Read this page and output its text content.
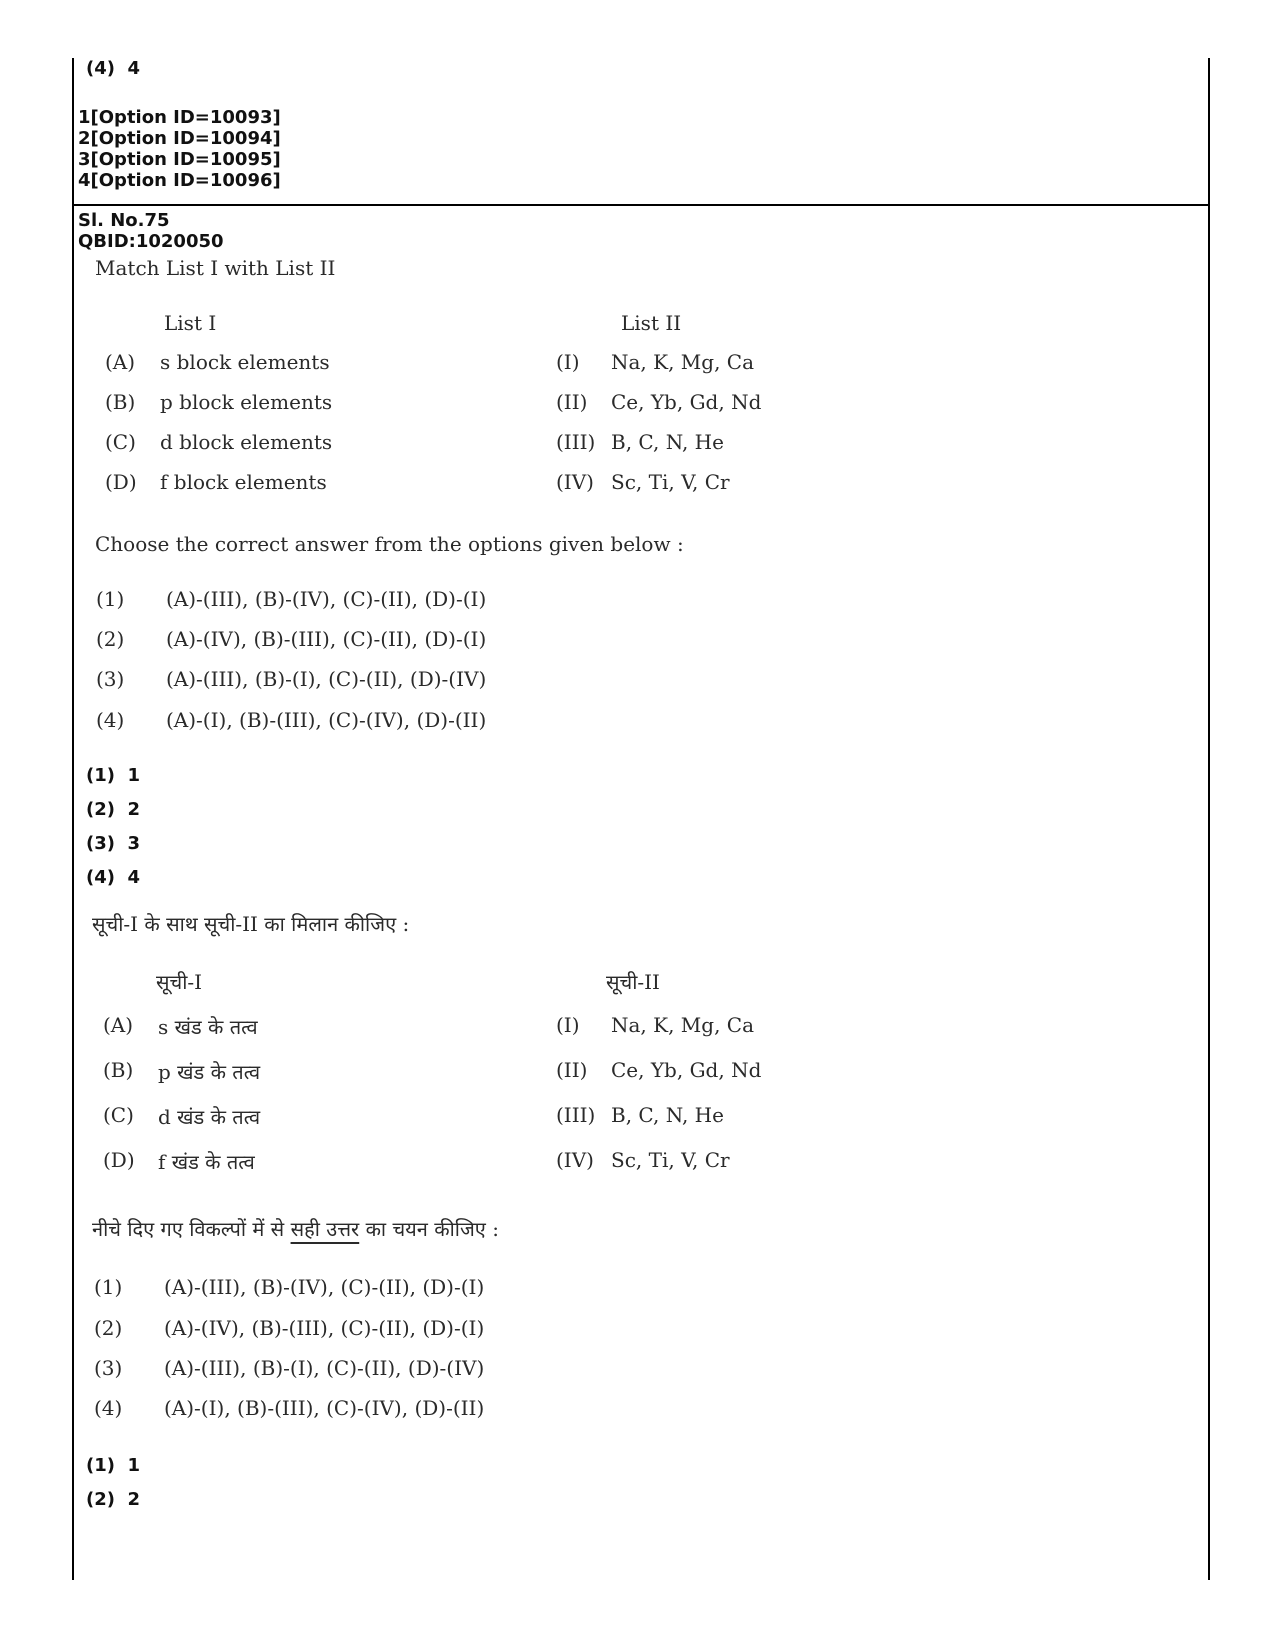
(4) 4
1[Option ID=10093]
2[Option ID=10094]
3[Option ID=10095]
4[Option ID=10096]
Sl. No.75
QBID:1020050
Match List I with List II
List I	List II
(A) s block elements	(I) Na, K, Mg, Ca
(B) p block elements	(II) Ce, Yb, Gd, Nd
(C) d block elements	(III) B, C, N, He
(D) f block elements	(IV) Sc, Ti, V, Cr
Choose the correct answer from the options given below :
(1) (A)-(III), (B)-(IV), (C)-(II), (D)-(I)
(2) (A)-(IV), (B)-(III), (C)-(II), (D)-(I)
(3) (A)-(III), (B)-(I), (C)-(II), (D)-(IV)
(4) (A)-(I), (B)-(III), (C)-(IV), (D)-(II)
(1) 1
(2) 2
(3) 3
(4) 4
सूची-I के साथ सूची-II का मिलान कीजिए :
सूची-I	सूची-II
(A) s खंड के तत्व	(I) Na, K, Mg, Ca
(B) p खंड के तत्व	(II) Ce, Yb, Gd, Nd
(C) d खंड के तत्व	(III) B, C, N, He
(D) f खंड के तत्व	(IV) Sc, Ti, V, Cr
नीचे दिए गए विकल्पों में से सही उत्तर का चयन कीजिए :
(1) (A)-(III), (B)-(IV), (C)-(II), (D)-(I)
(2) (A)-(IV), (B)-(III), (C)-(II), (D)-(I)
(3) (A)-(III), (B)-(I), (C)-(II), (D)-(IV)
(4) (A)-(I), (B)-(III), (C)-(IV), (D)-(II)
(1) 1
(2) 2
